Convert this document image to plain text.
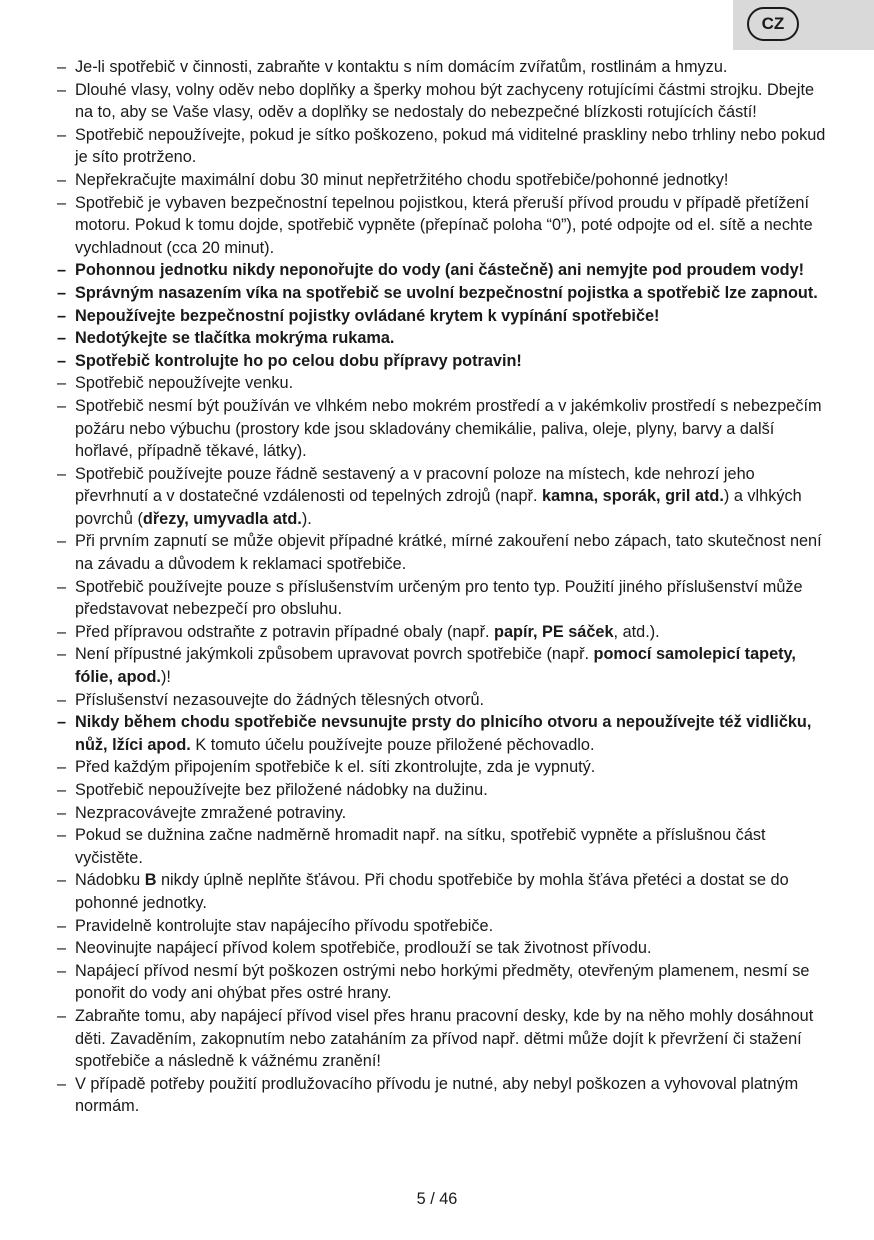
CZ
– Je-li spotřebič v činnosti, zabraňte v kontaktu s ním domácím zvířatům, rostlinám a hmyzu.
– Dlouhé vlasy, volny oděv nebo doplňky a šperky mohou být zachyceny rotujícími částmi strojku. Dbejte na to, aby se Vaše vlasy, oděv a doplňky se nedostaly do nebezpečné blízkosti rotujících částí!
– Spotřebič nepoužívejte, pokud je sítko poškozeno, pokud má viditelné praskliny nebo trhliny nebo pokud je síto protrženo.
– Nepřekračujte maximální dobu 30 minut nepřetržitého chodu spotřebiče/pohonné jednotky!
– Spotřebič je vybaven bezpečnostní tepelnou pojistkou, která přeruší přívod proudu v případě přetížení motoru. Pokud k tomu dojde, spotřebič vypněte (přepínač poloha “0”), poté odpojte od el. sítě a nechte vychladnout (cca 20 minut).
– Pohonnou jednotku nikdy neponořujte do vody (ani částečně) ani nemyjte pod proudem vody!
– Správným nasazením víka na spotřebič se uvolní bezpečnostní pojistka a spotřebič lze zapnout.
– Nepoužívejte bezpečnostní pojistky ovládané krytem k vypínání spotřebiče!
– Nedotýkejte se tlačítka mokrýma rukama.
– Spotřebič kontrolujte ho po celou dobu přípravy potravin!
– Spotřebič nepoužívejte venku.
– Spotřebič nesmí být používán ve vlhkém nebo mokrém prostředí a v jakémkoliv prostředí s nebezpečím požáru nebo výbuchu (prostory kde jsou skladovány chemikálie, paliva, oleje, plyny, barvy a další hořlavé, případně těkavé, látky).
– Spotřebič používejte pouze řádně sestavený a v pracovní poloze na místech, kde nehrozí jeho převrhnutí a v dostatečné vzdálenosti od tepelných zdrojů (např. kamna, sporák, gril atd.) a vlhkých povrchů (dřezy, umyvadla atd.).
– Při prvním zapnutí se může objevit případné krátké, mírné zakouření nebo zápach, tato skutečnost není na závadu a důvodem k reklamaci spotřebiče.
– Spotřebič používejte pouze s příslušenstvím určeným pro tento typ. Použití jiného příslušenství může představovat nebezpečí pro obsluhu.
– Před přípravou odstraňte z potravin případné obaly (např. papír, PE sáček, atd.).
– Není přípustné jakýmkoli způsobem upravovat povrch spotřebiče (např. pomocí samolepicí tapety, fólie, apod.)!
– Příslušenství nezasouvejte do žádných tělesných otvorů.
– Nikdy během chodu spotřebiče nevsunujte prsty do plnicího otvoru a nepoužívejte též vidličku, nůž, lžíci apod. K tomuto účelu používejte pouze přiložené pěchovadlo.
– Před každým připojením spotřebiče k el. síti zkontrolujte, zda je vypnutý.
– Spotřebič nepoužívejte bez přiložené nádobky na dužinu.
– Nezpracovávejte zmražené potraviny.
– Pokud se dužnina začne nadměrně hromadit např. na sítku, spotřebič vypněte a příslušnou část vyčistěte.
– Nádobku B nikdy úplně neplňte šťávou. Při chodu spotřebiče by mohla šťáva přetéci a dostat se do pohonné jednotky.
– Pravidelně kontrolujte stav napájecího přívodu spotřebiče.
– Neovinujte napájecí přívod kolem spotřebiče, prodlouží se tak životnost přívodu.
– Napájecí přívod nesmí být poškozen ostrými nebo horkými předměty, otevřeným plamenem, nesmí se ponořit do vody ani ohýbat přes ostré hrany.
– Zabraňte tomu, aby napájecí přívod visel přes hranu pracovní desky, kde by na něho mohly dosáhnout děti. Zavaděním, zakopnutím nebo zataháním za přívod např. dětmi může dojít k převržení či stažení spotřebiče a následně k vážnému zranění!
– V případě potřeby použití prodlužovacího přívodu je nutné, aby nebyl poškozen a vyhovoval platným normám.
5 / 46
